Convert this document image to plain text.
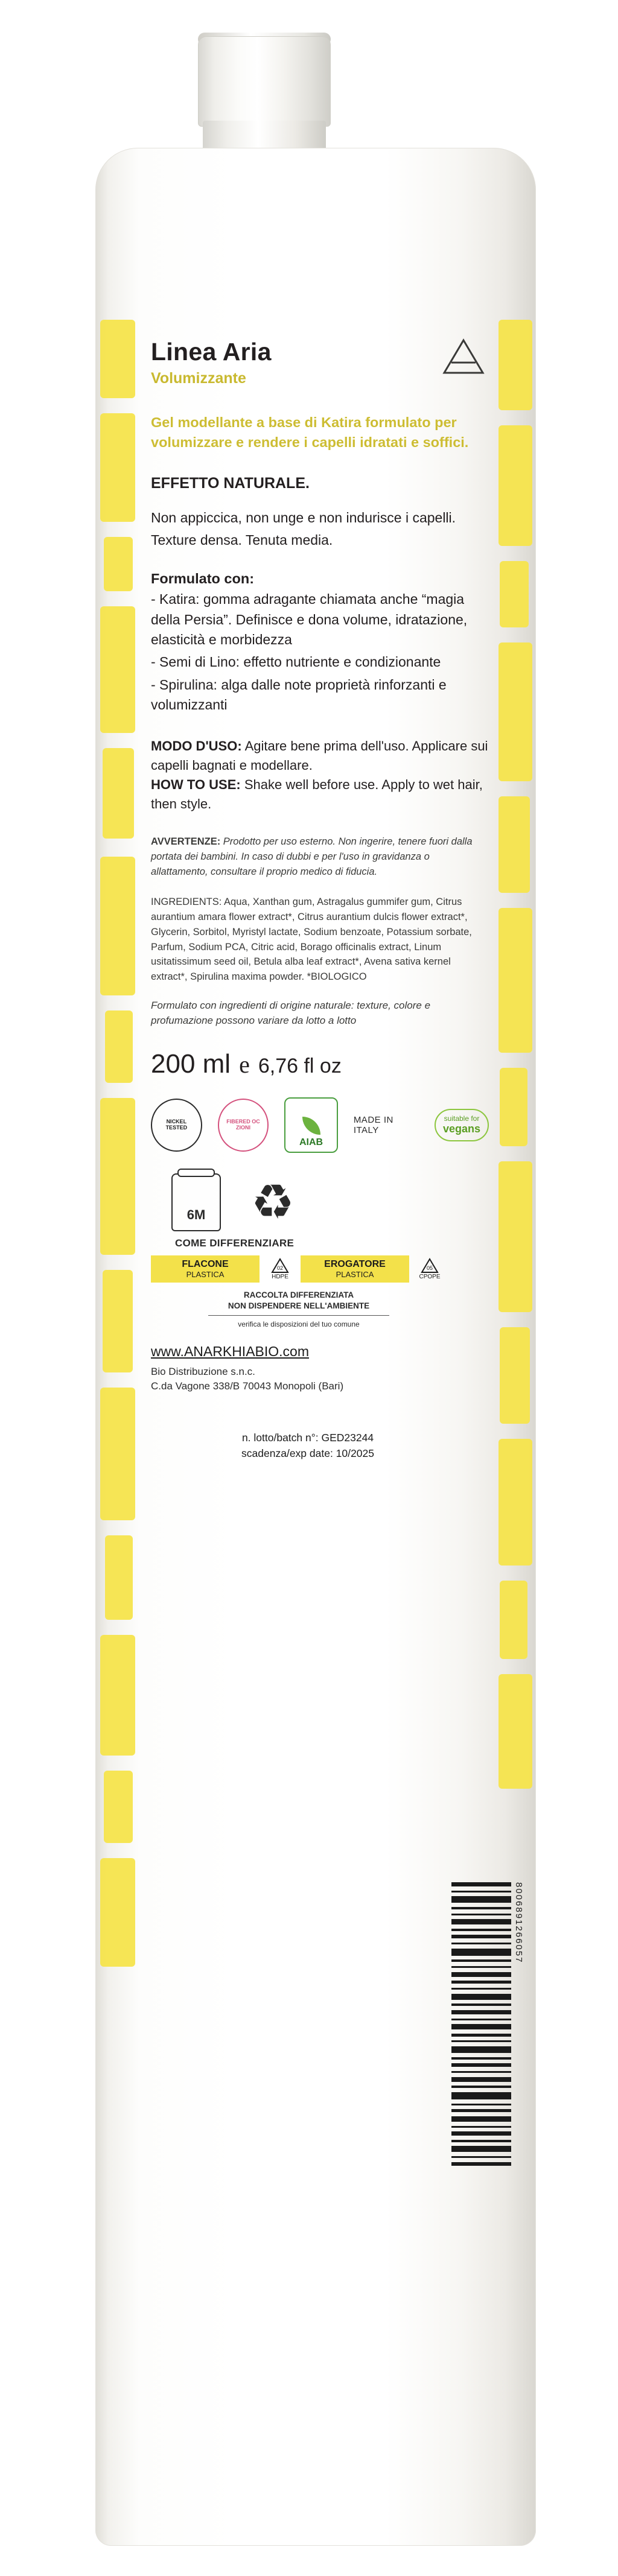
Linea Aria
Volumizzante
Gel modellante a base di Katira formulato per volumizzare e rendere i capelli idratati e soffici.
EFFETTO NATURALE.
Non appiccica, non unge e non indurisce i capelli.
Texture densa. Tenuta media.
Formulato con:
- Katira: gomma adragante chiamata anche “magia della Persia”. Definisce e dona volume, idratazione, elasticità e morbidezza
- Semi di Lino: effetto nutriente e condizionante
- Spirulina: alga dalle note proprietà rinforzanti e volumizzanti
MODO D'USO: Agitare bene prima dell'uso. Applicare sui capelli bagnati e modellare.
HOW TO USE: Shake well before use. Apply to wet hair, then style.
AVVERTENZE: Prodotto per uso esterno. Non ingerire, tenere fuori dalla portata dei bambini. In caso di dubbi e per l'uso in gravidanza o allattamento, consultare il proprio medico di fiducia.
INGREDIENTS: Aqua, Xanthan gum, Astragalus gummifer gum, Citrus aurantium amara flower extract*, Citrus aurantium dulcis flower extract*, Glycerin, Sorbitol, Myristyl lactate, Sodium benzoate, Potassium sorbate, Parfum, Sodium PCA, Citric acid, Borago officinalis extract, Linum usitatissimum seed oil, Betula alba leaf extract*, Avena sativa kernel extract*, Spirulina maxima powder. *BIOLOGICO
Formulato con ingredienti di origine naturale: texture, colore e profumazione possono variare da lotto a lotto
200 ml e 6,76 fl oz
NICKEL
TESTED
FIBERED OC
ZIONI
AIAB
MADE IN ITALY
suitable for
vegans
6M ♻
COME DIFFERENZIARE
FLACONE
PLASTICA
02
HDPE
EROGATORE
PLASTICA
05
CPOPE
RACCOLTA DIFFERENZIATA
NON DISPENDERE NELL'AMBIENTE
verifica le disposizioni del tuo comune
www.ANARKHIABIO.com
Bio Distribuzione s.n.c.
C.da Vagone 338/B 70043 Monopoli (Bari)
n. lotto/batch n°: GED23244
scadenza/exp date: 10/2025
8006891266057
